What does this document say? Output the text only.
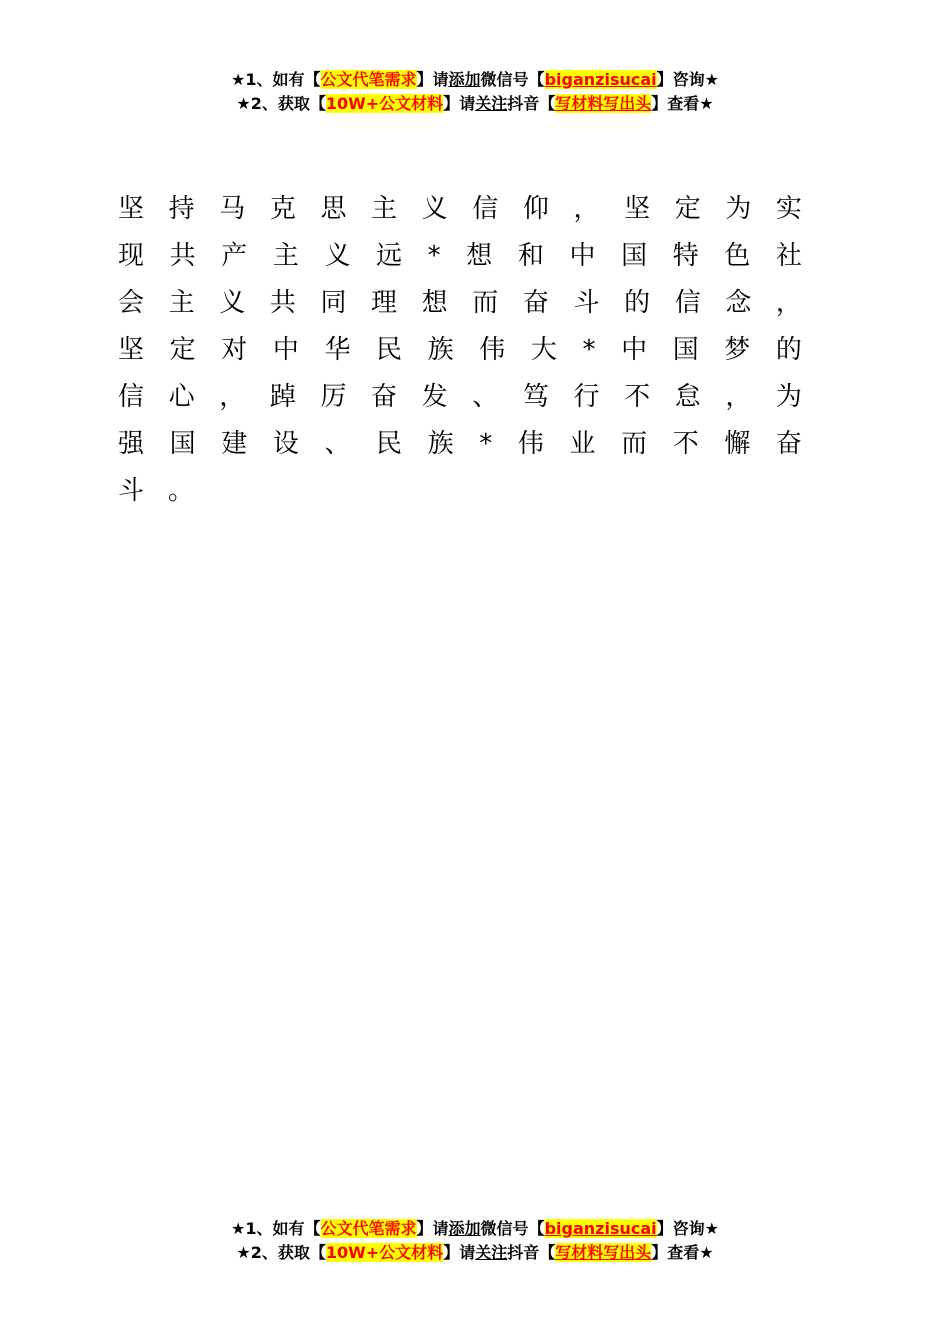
★1、如有【公文代笔需求】请添加微信号【biganzisucai】咨询★
★2、获取【10W+公文材料】请关注抖音【写材料写出头】查看★
坚 持 马 克 思 主 义 信 仰 ， 坚 定 为 实
现 共 产 主 义 远 * 想 和 中 国 特 色 社
会 主 义 共 同 理 想 而 奋 斗 的 信 念 ，
坚 定 对 中 华 民 族 伟 大 * 中 国 梦 的
信 心 ， 踔 厉 奋 发 、 笃 行 不 怠 ， 为
强 国 建 设 、 民 族 * 伟 业 而 不 懈 奋
斗 。
★1、如有【公文代笔需求】请添加微信号【biganzisucai】咨询★
★2、获取【10W+公文材料】请关注抖音【写材料写出头】查看★
